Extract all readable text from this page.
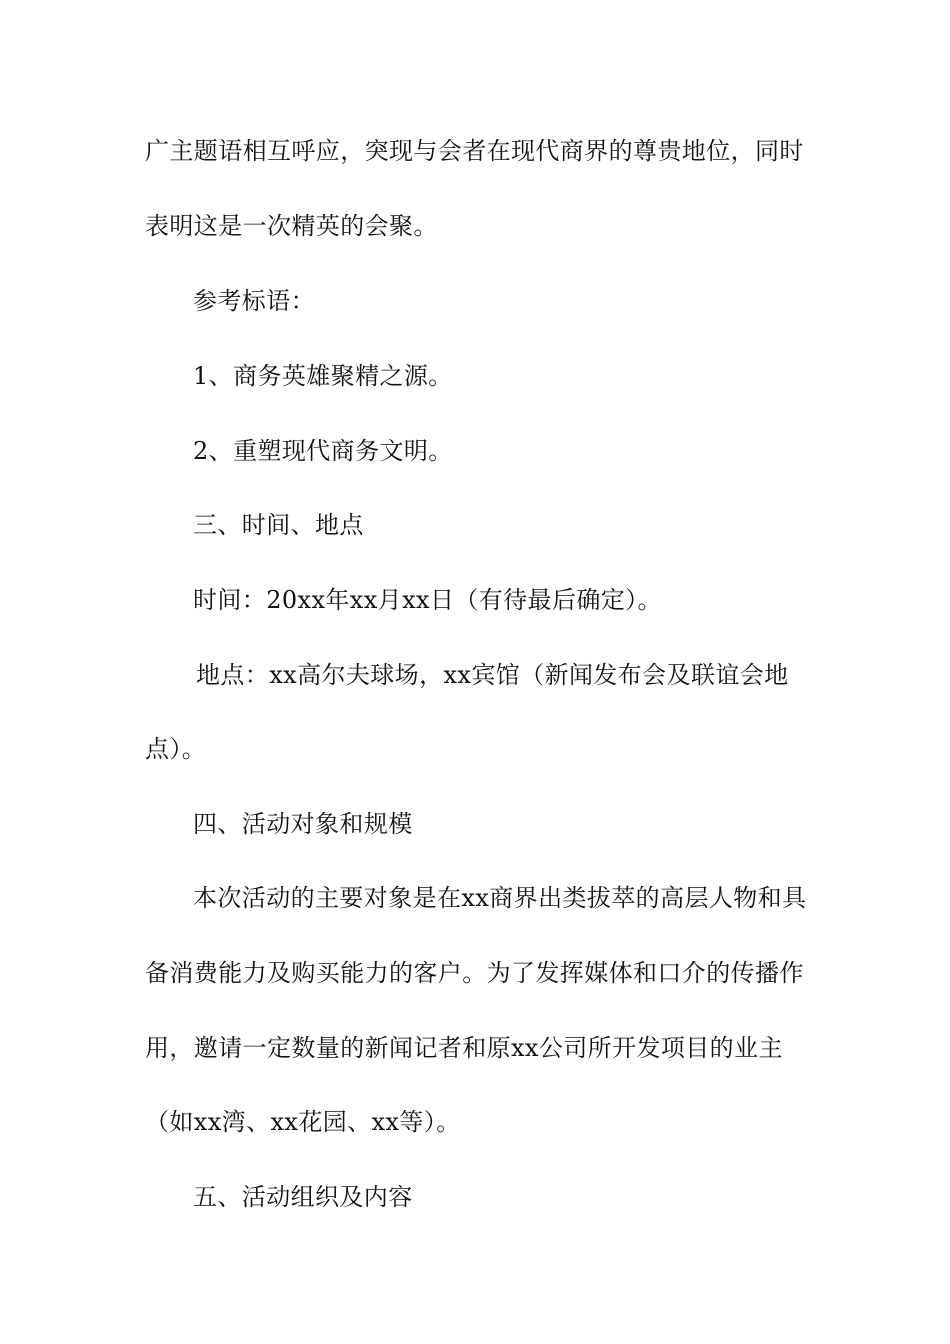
广主题语相互呼应，突现与会者在现代商界的尊贵地位，同时
表明这是一次精英的会聚。
参考标语：
1、商务英雄聚精之源。
2、重塑现代商务文明。
三、时间、地点
时间：20xx年xx月xx日（有待最后确定）。
地点：xx高尔夫球场，xx宾馆（新闻发布会及联谊会地
点）。
四、活动对象和规模
本次活动的主要对象是在xx商界出类拔萃的高层人物和具
备消费能力及购买能力的客户。为了发挥媒体和口介的传播作
用，邀请一定数量的新闻记者和原xx公司所开发项目的业主
（如xx湾、xx花园、xx等）。
五、活动组织及内容
